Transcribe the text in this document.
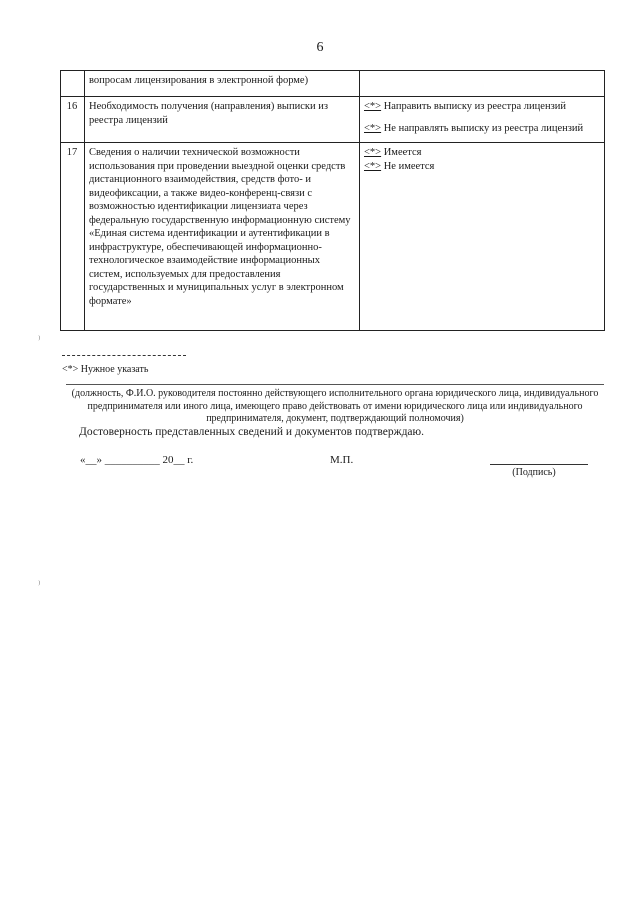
6
	вопросам лицензирования в электронной форме)	
16	Необходимость получения (направления) выписки из реестра лицензий	<*> Направить выписку из реестра лицензий
<*> Не направлять выписку из реестра лицензий

17	Сведения о наличии технической возможности использования при проведении выездной оценки средств дистанционного взаимодействия, средств фото- и видеофиксации, а также видео-конференц-связи с возможностью идентификации лицензиата через федеральную государственную информационную систему «Единая система идентификации и аутентификации в инфраструктуре, обеспечивающей информационно-технологическое взаимодействие информационных систем, используемых для предоставления государственных и муниципальных услуг в электронном формате»	<*> Имеется
<*> Не имеется
<*> Нужное указать
(должность, Ф.И.О. руководителя постоянно действующего исполнительного органа юридического лица, индивидуального предпринимателя или иного лица, имеющего право действовать от имени юридического лица или индивидуального предпринимателя, документ, подтверждающий полномочия)
Достоверность представленных сведений и документов подтверждаю.
«__» __________ 20__ г.	М.П.
(Подпись)
⁾
⁾
